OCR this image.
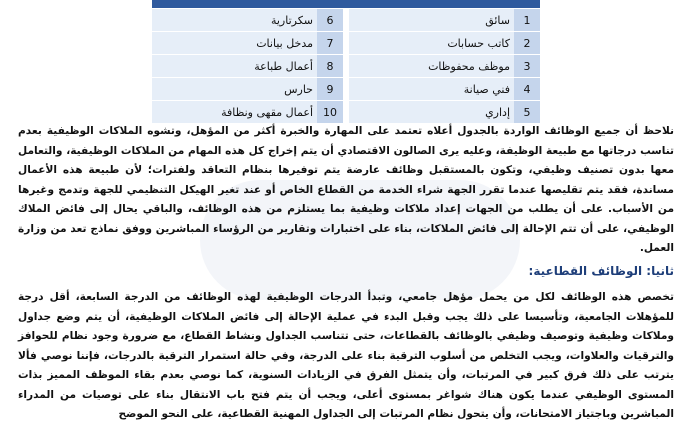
1	سائق		6	سكرتارية
2	كاتب حسابات		7	مدخل بيانات
3	موظف محفوظات		8	أعمال طباعة
4	فني صيانة		9	حارس
5	إداري		10	أعمال مقهى ونظافة
نلاحظ أن جميع الوظائف الواردة بالجدول أعلاه تعتمد على المهارة والخبرة أكثر من المؤهل، وتشوه الملاكات الوظيفية بعدم تناسب درجاتها مع طبيعة الوظيفة، وعليه يرى الصالون الاقتصادي أن يتم إخراج كل هذه المهام من الملاكات الوظيفية، والتعامل معها بدون تصنيف وظيفي، وتكون بالمستقبل وظائف عارضة يتم توفيرها بنظام التعاقد ولفترات؛ لأن طبيعة هذه الأعمال مساندة، فقد يتم تقليصها عندما تقرر الجهة شراء الخدمة من القطاع الخاص أو عند تغير الهيكل التنظيمي للجهة وتدمج وغيرها من الأسباب. على أن يطلب من الجهات إعداد ملاكات وظيفية بما يستلزم من هذه الوظائف، والباقي يحال إلى فائض الملاك الوظيفي، على أن تتم الإحالة إلى فائض الملاكات، بناء على اختبارات وتقارير من الرؤساء المباشرين ووفق نماذج تعد من وزارة العمل.
ثانيا: الوظائف القطاعية:
تخصص هذه الوظائف لكل من يحمل مؤهل جامعي، وتبدأ الدرجات الوظيفية لهذه الوظائف من الدرجة السابعة، أقل درجة للمؤهلات الجامعية، وتأسيسا على ذلك يجب وقبل البدء في عملية الإحالة إلى فائض الملاكات الوظيفية، أن يتم وضع جداول وملاكات وظيفية وتوصيف وظيفي بالوظائف بالقطاعات، حتى تتناسب الجداول ونشاط القطاع، مع ضرورة وجود نظام للحوافز والترقيات والعلاوات، ويجب التخلص من أسلوب الترقية بناء على الدرجة، وفي حالة استمرار الترقية بالدرجات، فإننا نوصي فألا يترتب على ذلك فرق كبير في المرتبات، وأن يتمثل الفرق في الزيادات السنوية، كما نوصي بعدم بقاء الموظف المميز بذات المستوى الوظيفي عندما يكون هناك شواغر بمستوى أعلى، ويجب أن يتم فتح باب الانتقال بناء على توصيات من المدراء المباشرين وباجتياز الامتحانات، وأن يتحول نظام المرتبات إلى الجداول المهنية القطاعية، على النحو الموضح
